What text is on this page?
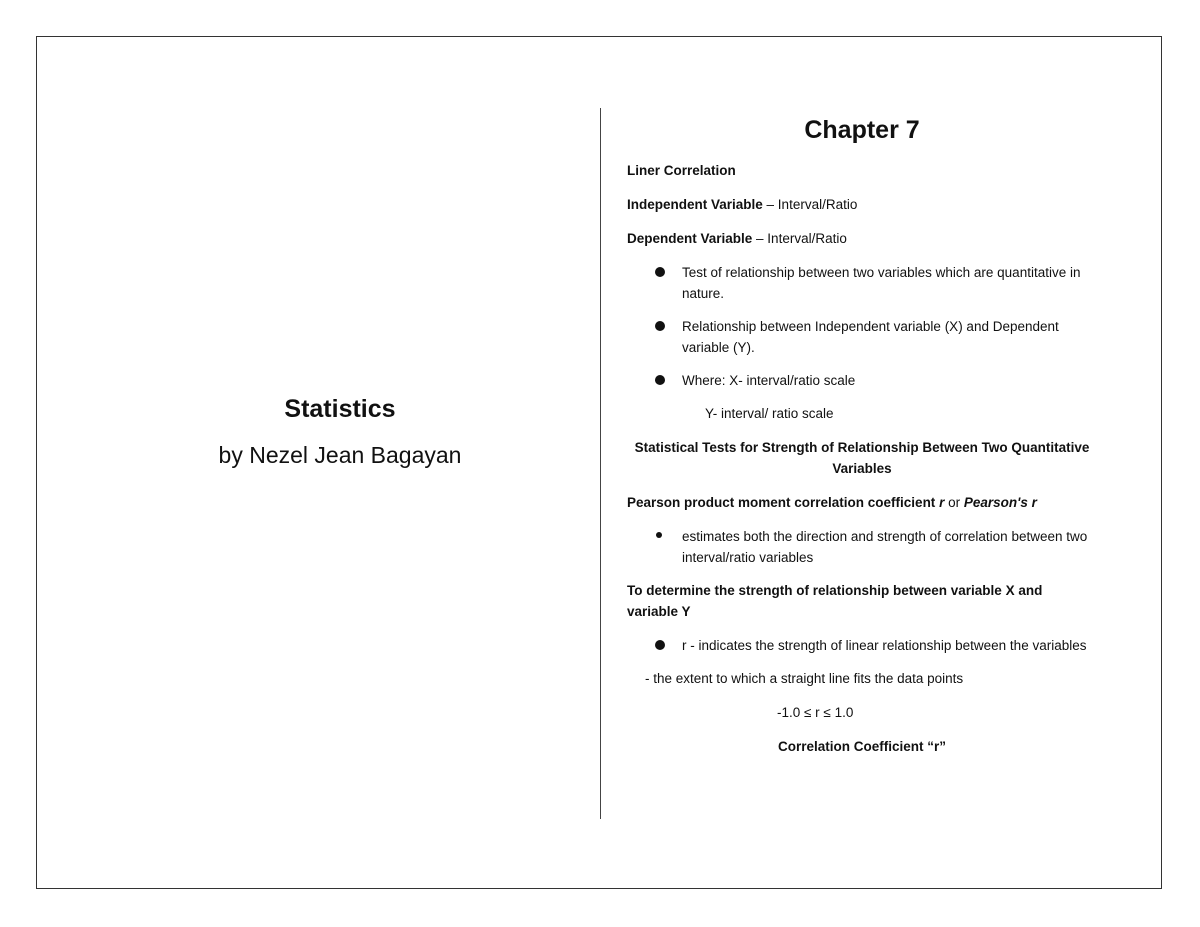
Statistics

by Nezel Jean Bagayan

Chapter 7

Liner Correlation

Independent Variable – Interval/Ratio

Dependent Variable – Interval/Ratio

Test of relationship between two variables which are quantitative in nature.
Relationship between Independent variable (X) and Dependent variable (Y).
Where: X- interval/ratio scale

Y- interval/ ratio scale

Statistical Tests for Strength of Relationship Between Two Quantitative Variables

Pearson product moment correlation coefficient r or Pearson's r

estimates both the direction and strength of correlation between two interval/ratio variables

To determine the strength of relationship between variable X and variable Y

r - indicates the strength of linear relationship between the variables

- the extent to which a straight line fits the data points

-1.0 ≤ r ≤ 1.0

Correlation Coefficient “r”
